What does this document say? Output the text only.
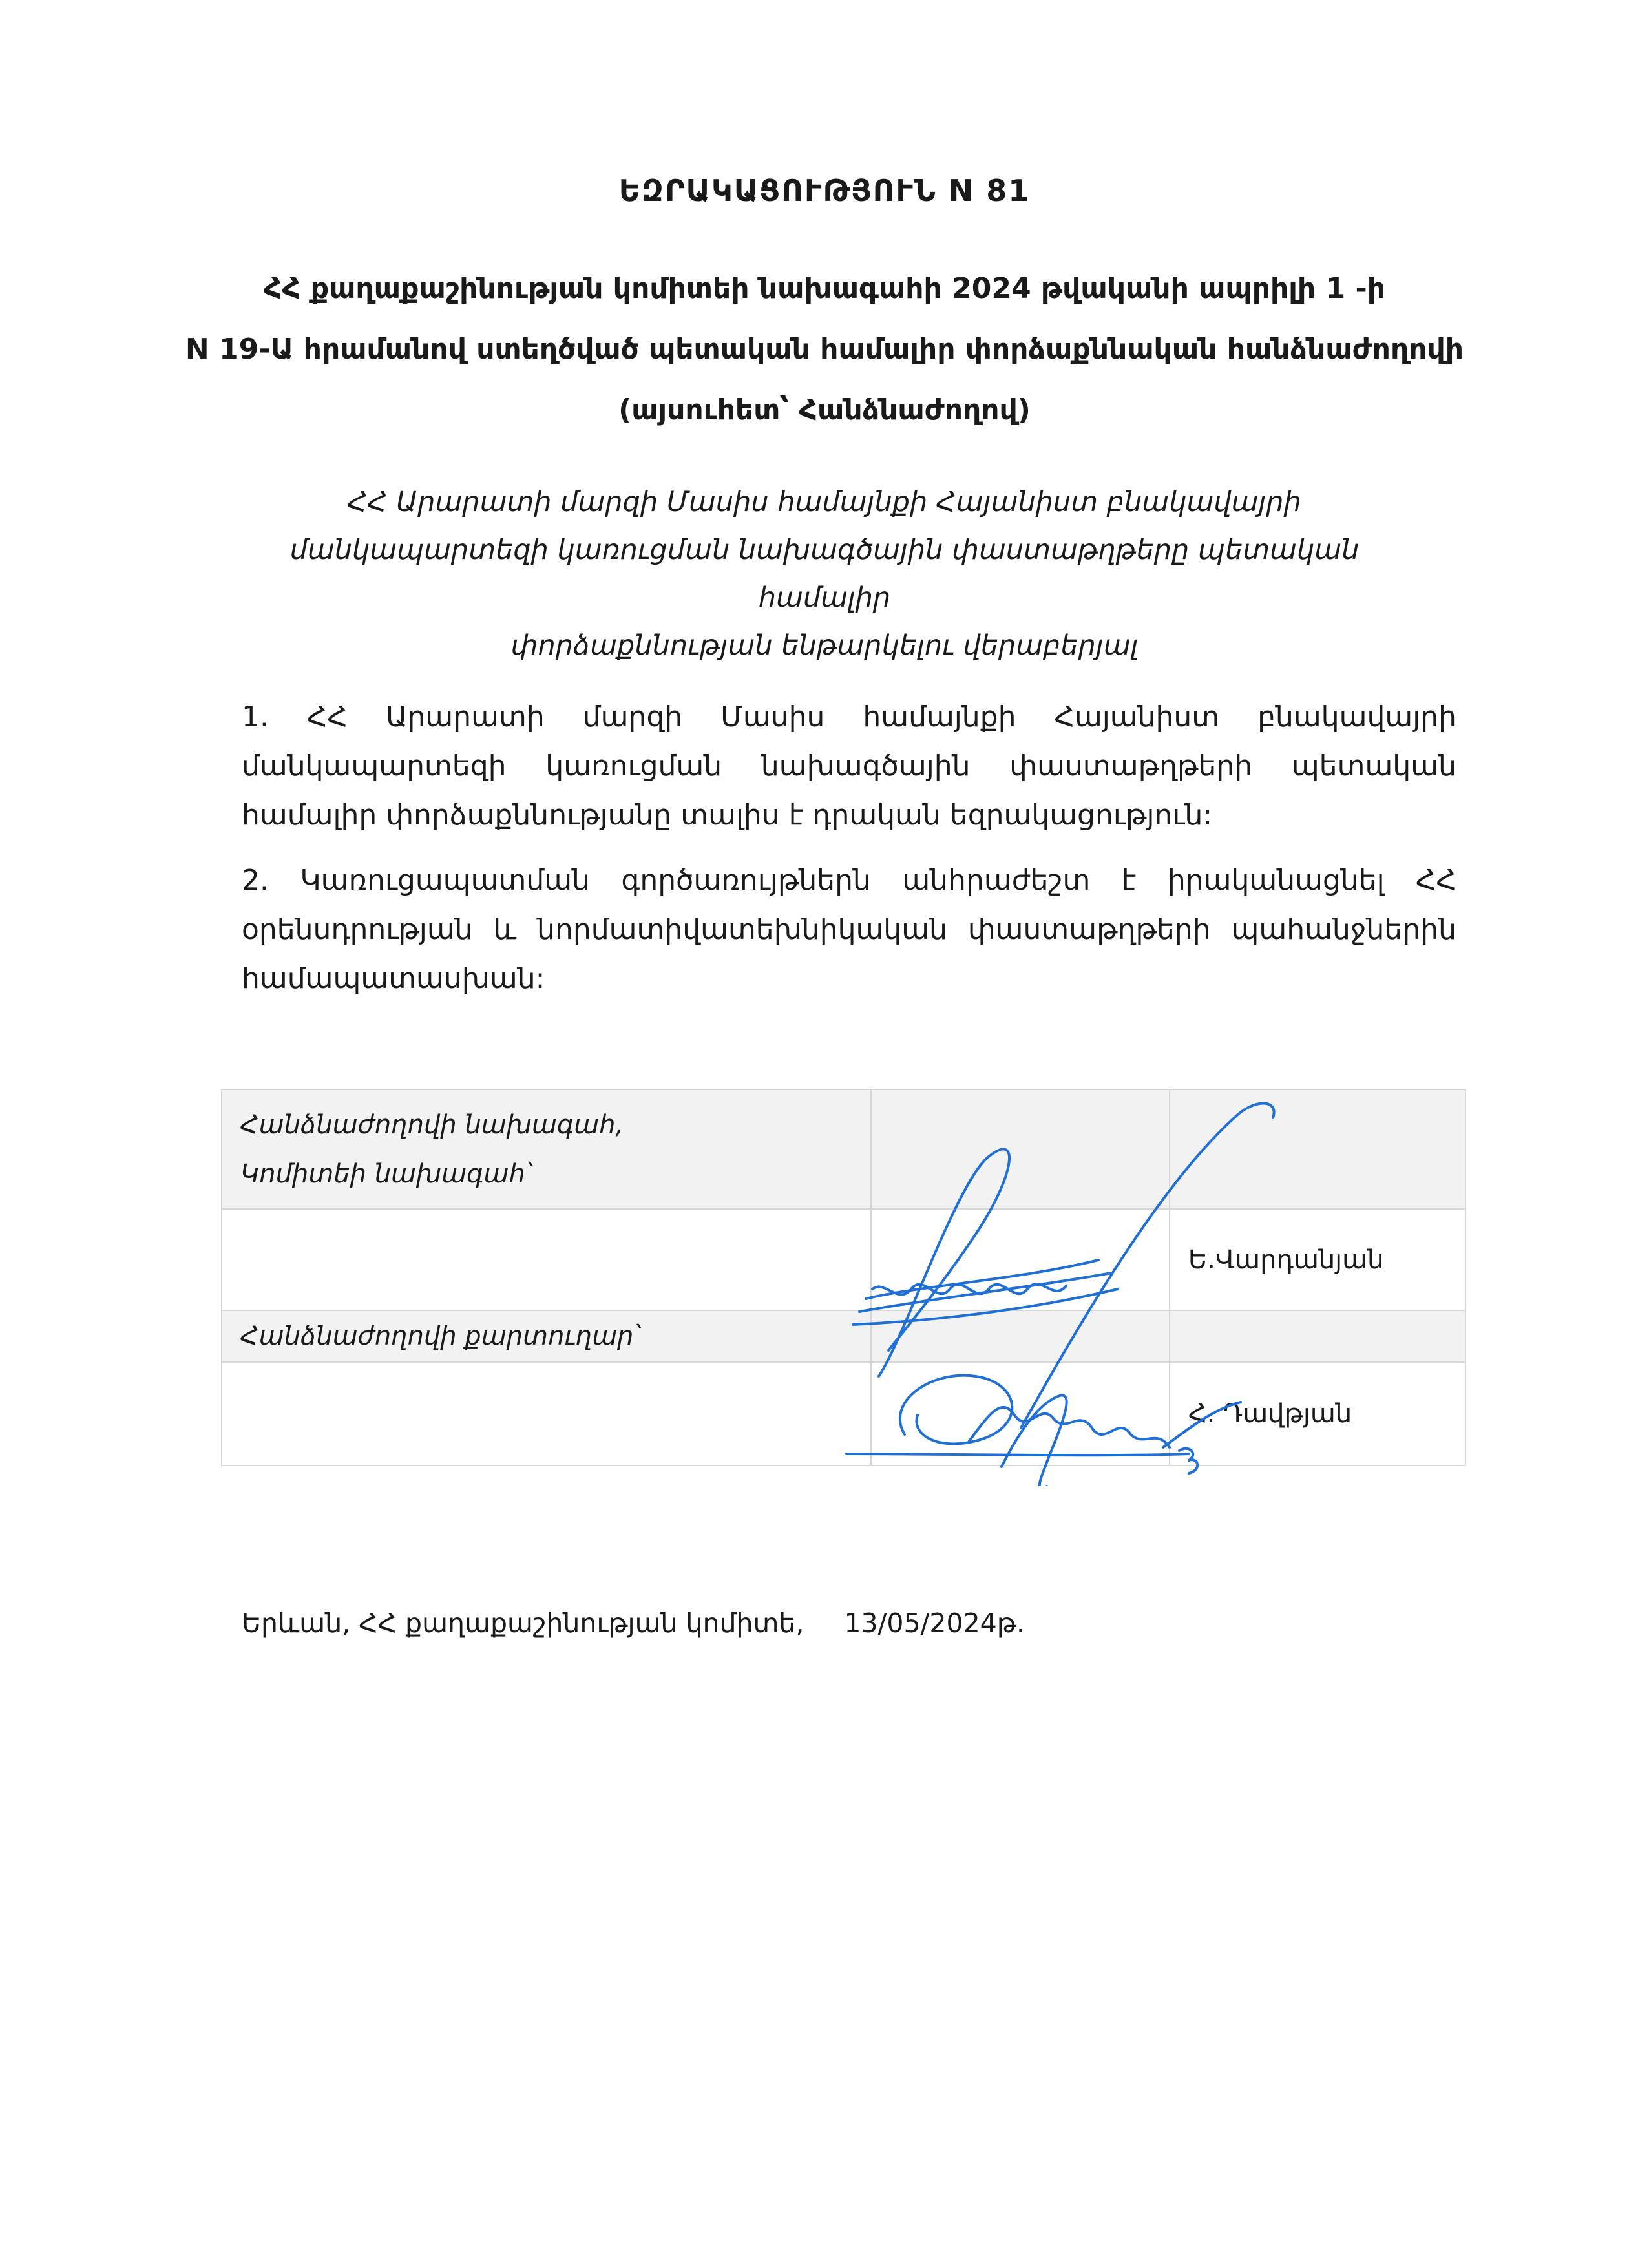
ԵԶՐԱԿԱՑՈՒԹՅՈՒՆ N 81
ՀՀ քաղաքաշինության կոմիտեի նախագահի 2024 թվականի ապրիլի 1 -ի
N 19-Ա հրամանով ստեղծված պետական համալիր փորձաքննական հանձնաժողովի
(այսուհետ՝ Հանձնաժողով)
ՀՀ Արարատի մարզի Մասիս համայնքի Հայանիստ բնակավայրի
մանկապարտեզի կառուցման նախագծային փաստաթղթերը պետական համալիր
փորձաքննության ենթարկելու վերաբերյալ
1. ՀՀ Արարատի մարզի Մասիս համայնքի Հայանիստ բնակավայրի
մանկապարտեզի կառուցման նախագծային փաստաթղթերի պետական
համալիր փորձաքննությանը տալիս է դրական եզրակացություն:
2. Կառուցապատման գործառույթներն անհրաժեշտ է իրականացնել ՀՀ
օրենսդրության և նորմատիվատեխնիկական փաստաթղթերի պահանջներին
համապատասխան:
Հանձնաժողովի նախագահ,
Կոմիտեի նախագահ՝		

		Ե.Վարդանյան
Հանձնաժողովի քարտուղար՝		
		Հ. Դավթյան
Երևան, ՀՀ քաղաքաշինության կոմիտե, 13/05/2024թ.
